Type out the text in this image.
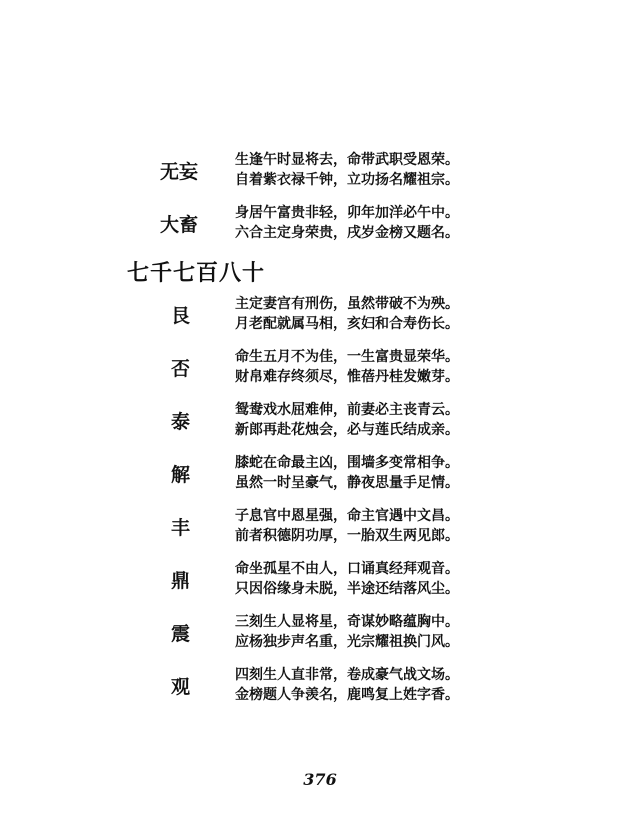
无妄
生逢午时显将去，命带武职受恩荣。
自着紫衣禄千钟，立功扬名耀祖宗。
大畜
身居午富贵非轻，卯年加洋必午中。
六合主定身荣贵，戌岁金榜又题名。
七千七百八十
艮
主定妻宫有刑伤，虽然带破不为殃。
月老配就属马相，亥妇和合寿伤长。
否
命生五月不为佳，一生富贵显荣华。
财帛难存终须尽，惟蓓丹桂发嫩芽。
泰
鸳鸯戏水屈难伸，前妻必主丧青云。
新郎再赴花烛会，必与莲氏结成亲。
解
膝蛇在命最主凶，围墙多变常相争。
虽然一时呈豪气，静夜思量手足情。
丰
子息官中恩星强，命主官遇中文昌。
前者积德阴功厚，一胎双生两见郎。
鼎
命坐孤星不由人，口诵真经拜观音。
只因俗缘身未脱，半途还结落风尘。
震
三刻生人显将星，奇谋妙略蕴胸中。
应杨独步声名重，光宗耀祖换门风。
观
四刻生人直非常，卷成豪气战文场。
金榜题人争羡名，鹿鸣复上姓字香。
376
